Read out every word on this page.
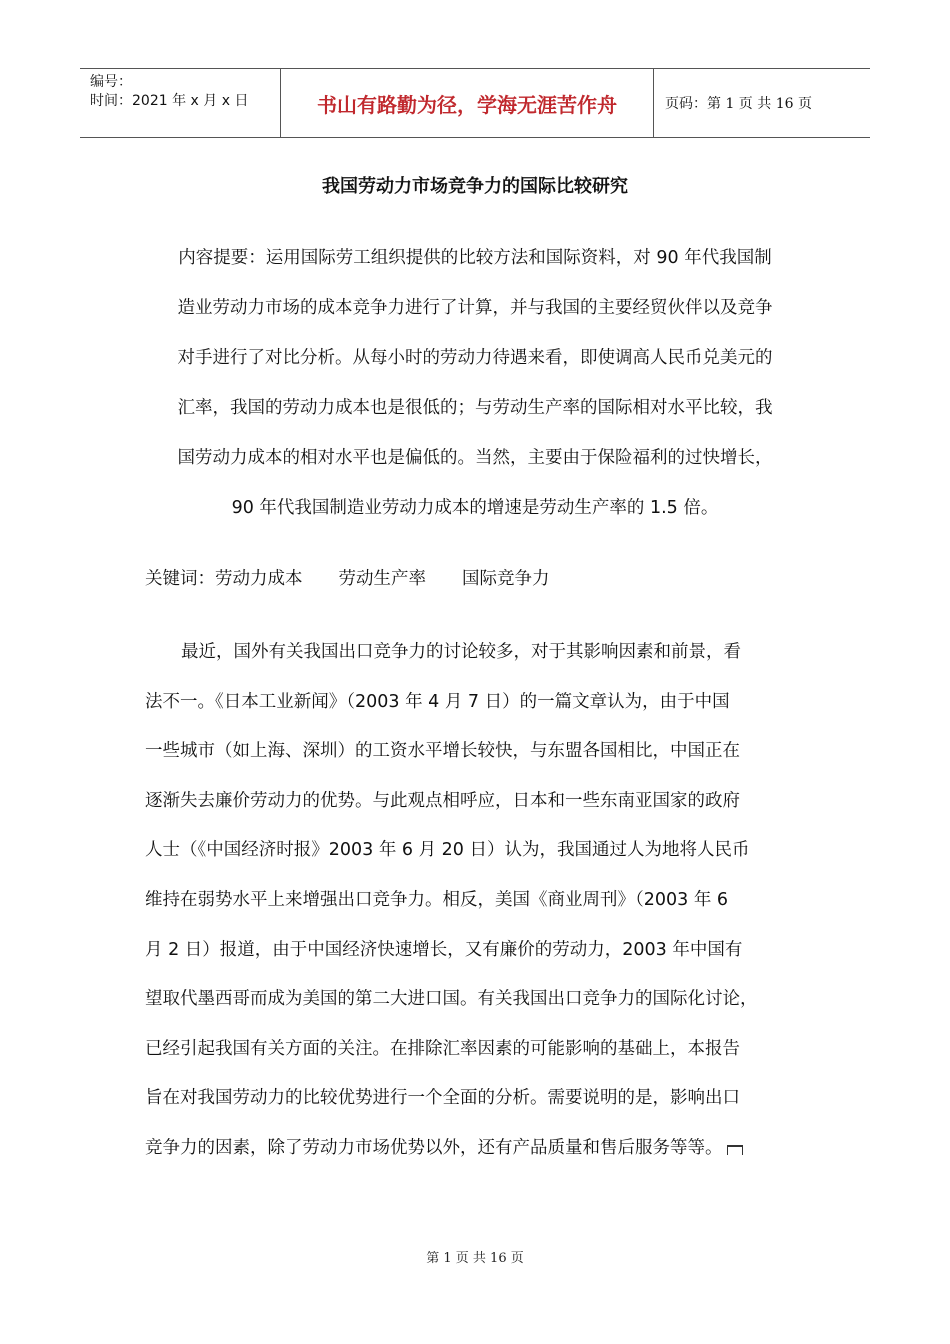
编号：
时间：2021 年 x 月 x 日	书山有路勤为径，学海无涯苦作舟	页码：第 1 页 共 16 页
我国劳动力市场竞争力的国际比较研究
内容提要：运用国际劳工组织提供的比较方法和国际资料，对 90 年代我国制
造业劳动力市场的成本竞争力进行了计算，并与我国的主要经贸伙伴以及竞争
对手进行了对比分析。从每小时的劳动力待遇来看，即使调高人民币兑美元的
汇率，我国的劳动力成本也是很低的；与劳动生产率的国际相对水平比较，我
国劳动力成本的相对水平也是偏低的。当然，主要由于保险福利的过快增长，
90 年代我国制造业劳动力成本的增速是劳动生产率的 1.5 倍。
关键词：劳动力成本 劳动生产率 国际竞争力
最近，国外有关我国出口竞争力的讨论较多，对于其影响因素和前景，看
法不一。《日本工业新闻》（2003 年 4 月 7 日）的一篇文章认为，由于中国
一些城市（如上海、深圳）的工资水平增长较快，与东盟各国相比，中国正在
逐渐失去廉价劳动力的优势。与此观点相呼应，日本和一些东南亚国家的政府
人士（《中国经济时报》2003 年 6 月 20 日）认为，我国通过人为地将人民币
维持在弱势水平上来增强出口竞争力。相反，美国《商业周刊》（2003 年 6
月 2 日）报道，由于中国经济快速增长，又有廉价的劳动力，2003 年中国有
望取代墨西哥而成为美国的第二大进口国。有关我国出口竞争力的国际化讨论，
已经引起我国有关方面的关注。在排除汇率因素的可能影响的基础上，本报告
旨在对我国劳动力的比较优势进行一个全面的分析。需要说明的是，影响出口
竞争力的因素，除了劳动力市场优势以外，还有产品质量和售后服务等等。
第 1 页 共 16 页
